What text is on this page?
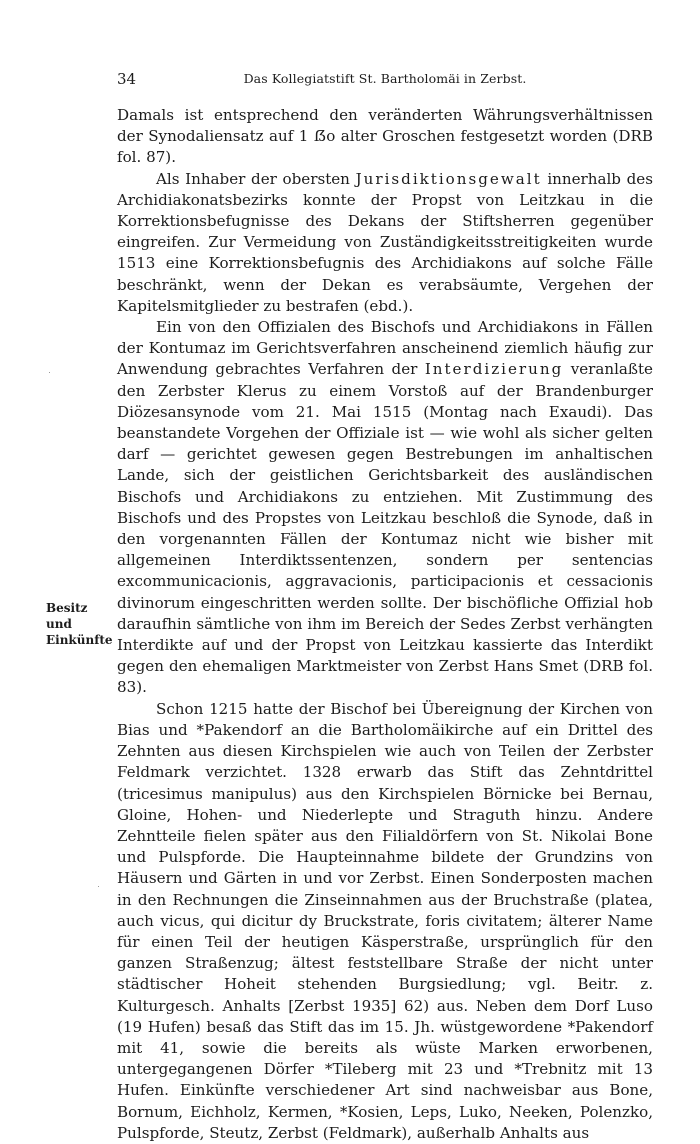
34	Das Kollegiatstift St. Bartholomäi in Zerbst.
Besitz und
Einkünfte

Damals ist entsprechend den veränderten Währungsverhältnissen der Synodaliensatz auf 1 ẞo alter Groschen festgesetzt worden (DRB fol. 87).

Als Inhaber der obersten Jurisdiktionsgewalt innerhalb des Archidiakonatsbezirks konnte der Propst von Leitzkau in die Korrektionsbefugnisse des Dekans der Stiftsherren gegenüber eingreifen. Zur Vermeidung von Zuständigkeitsstreitigkeiten wurde 1513 eine Korrektionsbefugnis des Archidiakons auf solche Fälle beschränkt, wenn der Dekan es verabsäumte, Vergehen der Kapitelsmitglieder zu bestrafen (ebd.).

Ein von den Offizialen des Bischofs und Archidiakons in Fällen der Kontumaz im Gerichtsverfahren anscheinend ziemlich häufig zur Anwendung gebrachtes Verfahren der Interdizierung veranlaßte den Zerbster Klerus zu einem Vorstoß auf der Brandenburger Diözesansynode vom 21. Mai 1515 (Montag nach Exaudi). Das beanstandete Vorgehen der Offiziale ist — wie wohl als sicher gelten darf — gerichtet gewesen gegen Bestrebungen im anhaltischen Lande, sich der geistlichen Gerichtsbarkeit des ausländischen Bischofs und Archidiakons zu entziehen. Mit Zustimmung des Bischofs und des Propstes von Leitzkau beschloß die Synode, daß in den vorgenannten Fällen der Kontumaz nicht wie bisher mit allgemeinen Interdiktssentenzen, sondern per sentencias excommunicacionis, aggravacionis, participacionis et cessacionis divinorum eingeschritten werden sollte. Der bischöfliche Offizial hob daraufhin sämtliche von ihm im Bereich der Sedes Zerbst verhängten Interdikte auf und der Propst von Leitzkau kassierte das Interdikt gegen den ehemaligen Marktmeister von Zerbst Hans Smet (DRB fol. 83).

Schon 1215 hatte der Bischof bei Übereignung der Kirchen von Bias und *Pakendorf an die Bartholomäikirche auf ein Drittel des Zehnten aus diesen Kirchspielen wie auch von Teilen der Zerbster Feldmark verzichtet. 1328 erwarb das Stift das Zehntdrittel (tricesimus manipulus) aus den Kirchspielen Börnicke bei Bernau, Gloine, Hohen- und Niederlepte und Straguth hinzu. Andere Zehntteile fielen später aus den Filialdörfern von St. Nikolai Bone und Pulspforde. Die Haupteinnahme bildete der Grundzins von Häusern und Gärten in und vor Zerbst. Einen Sonderposten machen in den Rechnungen die Zinseinnahmen aus der Bruchstraße (platea, auch vicus, qui dicitur dy Bruckstrate, foris civitatem; älterer Name für einen Teil der heutigen Käsperstraße, ursprünglich für den ganzen Straßenzug; ältest feststellbare Straße der nicht unter städtischer Hoheit stehenden Burgsiedlung; vgl. Beitr. z. Kulturgesch. Anhalts [Zerbst 1935] 62) aus. Neben dem Dorf Luso (19 Hufen) besaß das Stift das im 15. Jh. wüstgewordene *Pakendorf mit 41, sowie die bereits als wüste Marken erworbenen, untergegangenen Dörfer *Tileberg mit 23 und *Trebnitz mit 13 Hufen. Einkünfte verschiedener Art sind nachweisbar aus Bone, Bornum, Eichholz, Kermen, *Kosien, Leps, Luko, Neeken, Polenzko, Pulspforde, Steutz, Zerbst (Feldmark), außerhalb Anhalts aus
